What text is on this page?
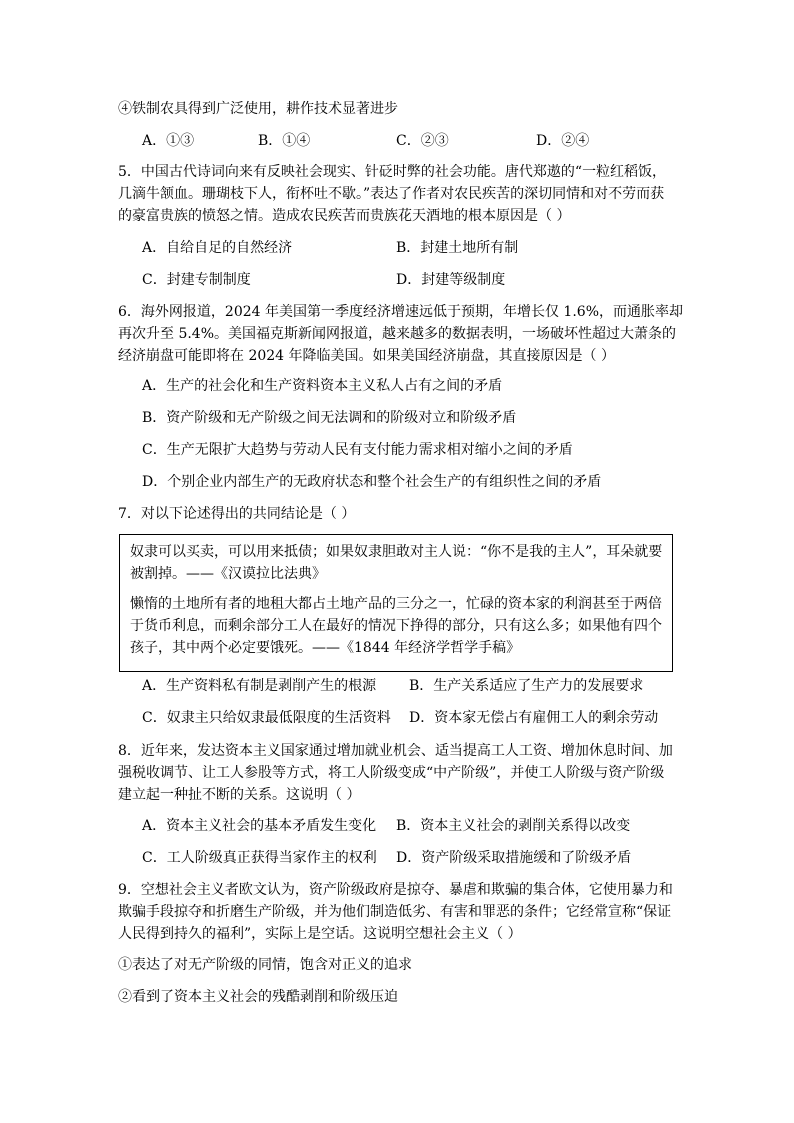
④铁制农具得到广泛使用，耕作技术显著进步
A．①③	B．①④	C．②③	D．②④
5．中国古代诗词向来有反映社会现实、针砭时弊的社会功能。唐代郑遨的“一粒红稻饭，
几滴牛颔血。珊瑚枝下人，衔杯吐不歇。”表达了作者对农民疾苦的深切同情和对不劳而获
的豪富贵族的愤怒之情。造成农民疾苦而贵族花天酒地的根本原因是（ ）
A．自给自足的自然经济	B．封建土地所有制
C．封建专制制度	D．封建等级制度
6．海外网报道，2024 年美国第一季度经济增速远低于预期，年增长仅 1.6%，而通胀率却
再次升至 5.4%。美国福克斯新闻网报道，越来越多的数据表明，一场破坏性超过大萧条的
经济崩盘可能即将在 2024 年降临美国。如果美国经济崩盘，其直接原因是（ ）
A．生产的社会化和生产资料资本主义私人占有之间的矛盾
B．资产阶级和无产阶级之间无法调和的阶级对立和阶级矛盾
C．生产无限扩大趋势与劳动人民有支付能力需求相对缩小之间的矛盾
D．个别企业内部生产的无政府状态和整个社会生产的有组织性之间的矛盾
7．对以下论述得出的共同结论是（ ）
奴隶可以买卖，可以用来抵债；如果奴隶胆敢对主人说：“你不是我的主人”，耳朵就要
被割掉。——《汉谟拉比法典》
懒惰的土地所有者的地租大都占土地产品的三分之一，忙碌的资本家的利润甚至于两倍
于货币利息，而剩余部分工人在最好的情况下挣得的部分，只有这么多；如果他有四个
孩子，其中两个必定要饿死。——《1844 年经济学哲学手稿》
A．生产资料私有制是剥削产生的根源 B．生产关系适应了生产力的发展要求
C．奴隶主只给奴隶最低限度的生活资料 D．资本家无偿占有雇佣工人的剩余劳动
8．近年来，发达资本主义国家通过增加就业机会、适当提高工人工资、增加休息时间、加
强税收调节、让工人参股等方式，将工人阶级变成“中产阶级”，并使工人阶级与资产阶级
建立起一种扯不断的关系。这说明（ ）
A．资本主义社会的基本矛盾发生变化 B．资本主义社会的剥削关系得以改变
C．工人阶级真正获得当家作主的权利 D．资产阶级采取措施缓和了阶级矛盾
9．空想社会主义者欧文认为，资产阶级政府是掠夺、暴虐和欺骗的集合体，它使用暴力和
欺骗手段掠夺和折磨生产阶级，并为他们制造低劣、有害和罪恶的条件；它经常宣称“保证
人民得到持久的福利”，实际上是空话。这说明空想社会主义（ ）
①表达了对无产阶级的同情，饱含对正义的追求
②看到了资本主义社会的残酷剥削和阶级压迫
